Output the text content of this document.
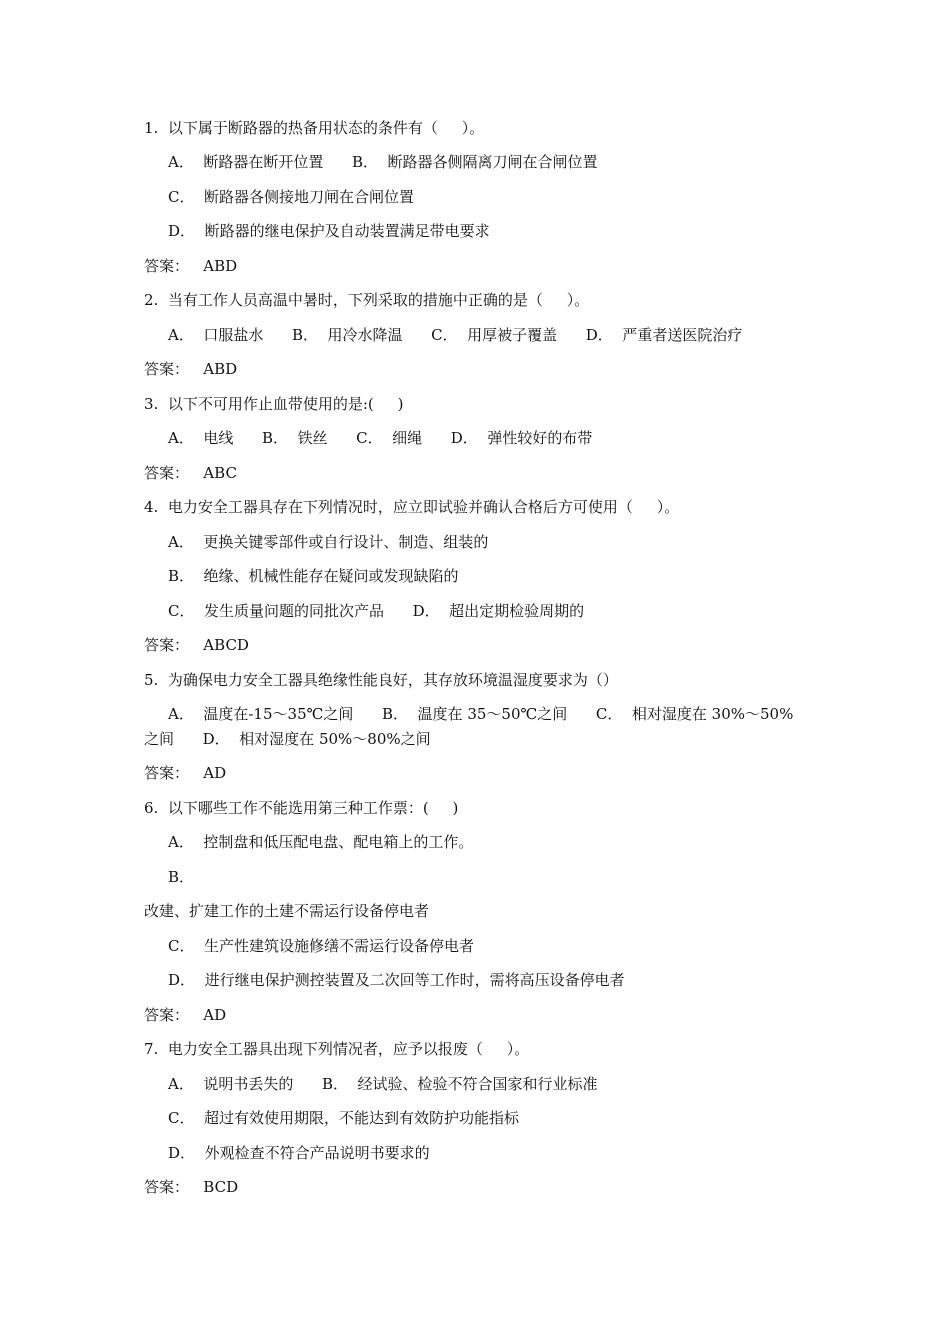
1.  以下属于断路器的热备用状态的条件有（     ）。
A．  断路器在断开位置      B．  断路器各侧隔离刀闸在合闸位置
C．  断路器各侧接地刀闸在合闸位置
D．  断路器的继电保护及自动装置满足带电要求
答案：   ABD
2.  当有工作人员高温中暑时，下列采取的措施中正确的是（     ）。
A．  口服盐水      B．  用冷水降温      C．  用厚被子覆盖      D．  严重者送医院治疗
答案：   ABD
3.  以下不可用作止血带使用的是:(     )
A．  电线      B．  铁丝      C．  细绳      D．  弹性较好的布带
答案：   ABC
4.  电力安全工器具存在下列情况时，应立即试验并确认合格后方可使用（     ）。
A．  更换关键零部件或自行设计、制造、组装的
B．  绝缘、机械性能存在疑问或发现缺陷的
C．  发生质量问题的同批次产品      D．  超出定期检验周期的
答案：   ABCD
5.  为确保电力安全工器具绝缘性能良好，其存放环境温湿度要求为（）
A．  温度在-15～35℃之间      B．  温度在 35～50℃之间      C．  相对湿度在 30%～50%
之间      D．  相对湿度在 50%～80%之间
答案：   AD
6.  以下哪些工作不能选用第三种工作票：(     )
A．  控制盘和低压配电盘、配电箱上的工作。
B．
改建、扩建工作的土建不需运行设备停电者
C．  生产性建筑设施修缮不需运行设备停电者
D．  进行继电保护测控装置及二次回等工作时，需将高压设备停电者
答案：   AD
7.  电力安全工器具出现下列情况者，应予以报废（     ）。
A．  说明书丢失的      B．  经试验、检验不符合国家和行业标准
C．  超过有效使用期限，不能达到有效防护功能指标
D．  外观检查不符合产品说明书要求的
答案：   BCD
